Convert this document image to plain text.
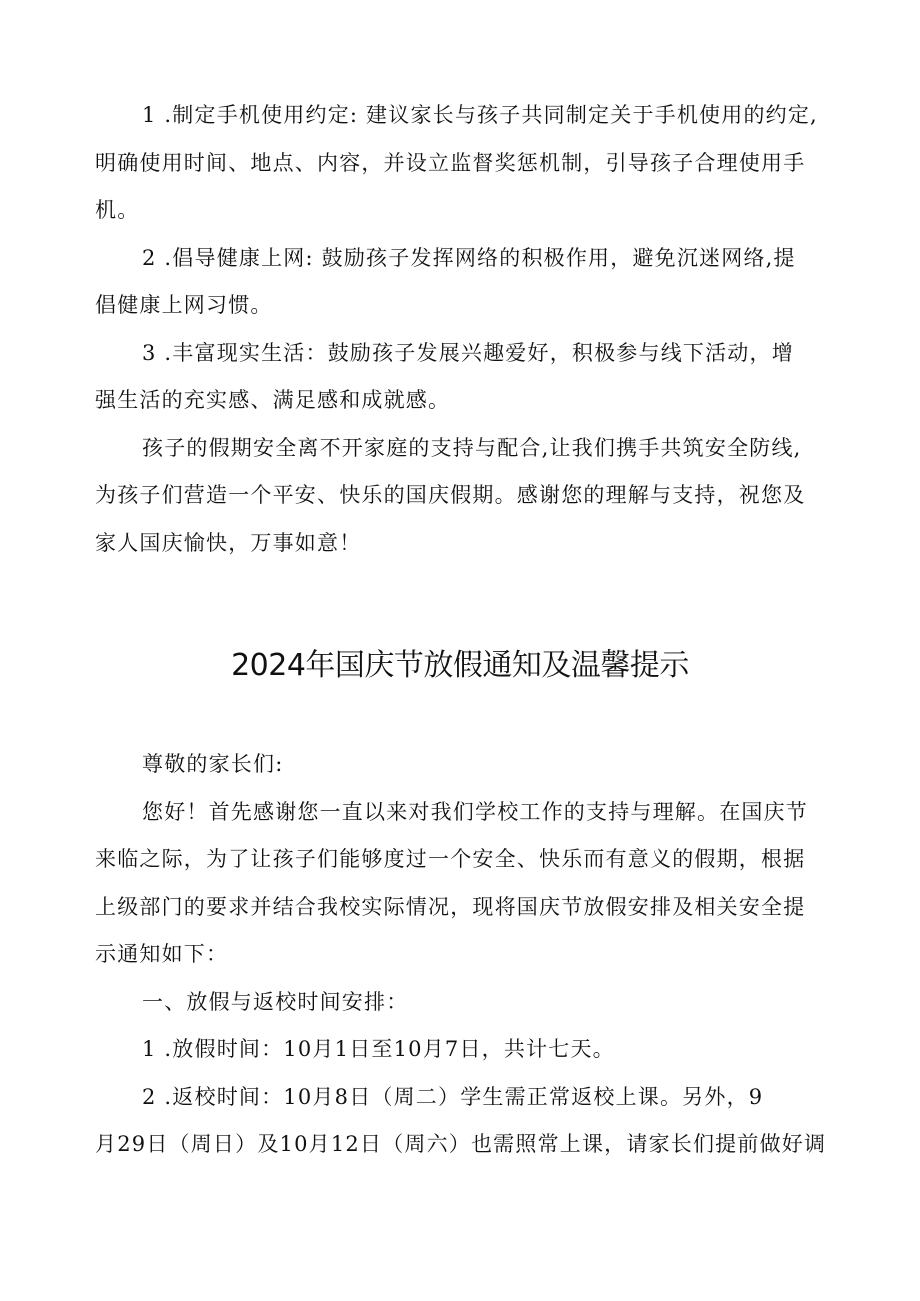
1 .制定手机使用约定: 建议家长与孩子共同制定关于手机使用的约定,
明确使用时间、地点、内容，并设立监督奖惩机制，引导孩子合理使用手
机。
2 .倡导健康上网: 鼓励孩子发挥网络的积极作用，避免沉迷网络,提
倡健康上网习惯。
3 .丰富现实生活：鼓励孩子发展兴趣爱好，积极参与线下活动，增
强生活的充实感、满足感和成就感。
孩子的假期安全离不开家庭的支持与配合,让我们携手共筑安全防线,
为孩子们营造一个平安、快乐的国庆假期。感谢您的理解与支持，祝您及
家人国庆愉快，万事如意！
2024年国庆节放假通知及温馨提示
尊敬的家长们:
您好！首先感谢您一直以来对我们学校工作的支持与理解。在国庆节
来临之际，为了让孩子们能够度过一个安全、快乐而有意义的假期，根据
上级部门的要求并结合我校实际情况，现将国庆节放假安排及相关安全提
示通知如下：
一、放假与返校时间安排：
1 .放假时间：10月1日至10月7日，共计七天。
2 .返校时间：10月8日（周二）学生需正常返校上课。另外，9
月29日（周日）及10月12日（周六）也需照常上课，请家长们提前做好调
